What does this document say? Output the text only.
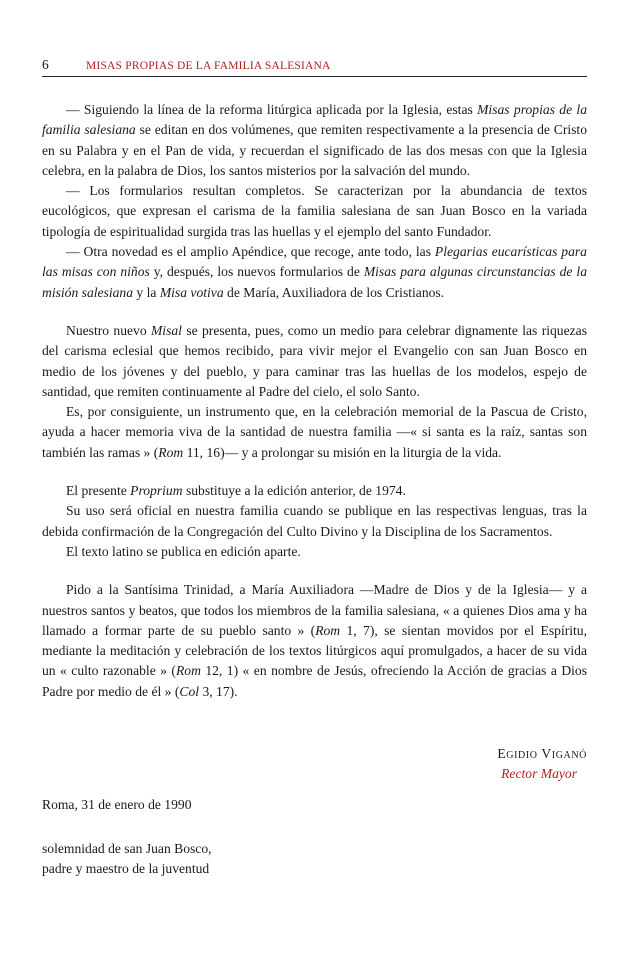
6	MISAS PROPIAS DE LA FAMILIA SALESIANA

— Siguiendo la línea de la reforma litúrgica aplicada por la Iglesia, estas Misas propias de la familia salesiana se editan en dos volúmenes, que remiten respectivamente a la presencia de Cristo en su Palabra y en el Pan de vida, y recuerdan el significado de las dos mesas con que la Iglesia celebra, en la palabra de Dios, los santos misterios por la salvación del mundo.

— Los formularios resultan completos. Se caracterizan por la abundancia de textos eucológicos, que expresan el carisma de la familia salesiana de san Juan Bosco en la variada tipología de espiritualidad surgida tras las huellas y el ejemplo del santo Fundador.

— Otra novedad es el amplio Apéndice, que recoge, ante todo, las Plegarias eucarísticas para las misas con niños y, después, los nuevos formularios de Misas para algunas circunstancias de la misión salesiana y la Misa votiva de María, Auxiliadora de los Cristianos.

Nuestro nuevo Misal se presenta, pues, como un medio para celebrar dignamente las riquezas del carisma eclesial que hemos recibido, para vivir mejor el Evangelio con san Juan Bosco en medio de los jóvenes y del pueblo, y para caminar tras las huellas de los modelos, espejo de santidad, que remiten continuamente al Padre del cielo, el solo Santo.

Es, por consiguiente, un instrumento que, en la celebración memorial de la Pascua de Cristo, ayuda a hacer memoria viva de la santidad de nuestra familia —« si santa es la raíz, santas son también las ramas » (Rom 11, 16)— y a prolongar su misión en la liturgia de la vida.

El presente Proprium substituye a la edición anterior, de 1974.

Su uso será oficial en nuestra familia cuando se publique en las respectivas lenguas, tras la debida confirmación de la Congregación del Culto Divino y la Disciplina de los Sacramentos.

El texto latino se publica en edición aparte.

Pido a la Santísima Trinidad, a María Auxiliadora —Madre de Dios y de la Iglesia— y a nuestros santos y beatos, que todos los miembros de la familia salesiana, « a quienes Dios ama y ha llamado a formar parte de su pueblo santo » (Rom 1, 7), se sientan movidos por el Espíritu, mediante la meditación y celebración de los textos litúrgicos aquí promulgados, a hacer de su vida un « culto razonable » (Rom 12, 1) « en nombre de Jesús, ofreciendo la Acción de gracias a Dios Padre por medio de él » (Col 3, 17).

Egidio Viganó
Rector Mayor
Roma, 31 de enero de 1990
solemnidad de san Juan Bosco,
padre y maestro de la juventud
